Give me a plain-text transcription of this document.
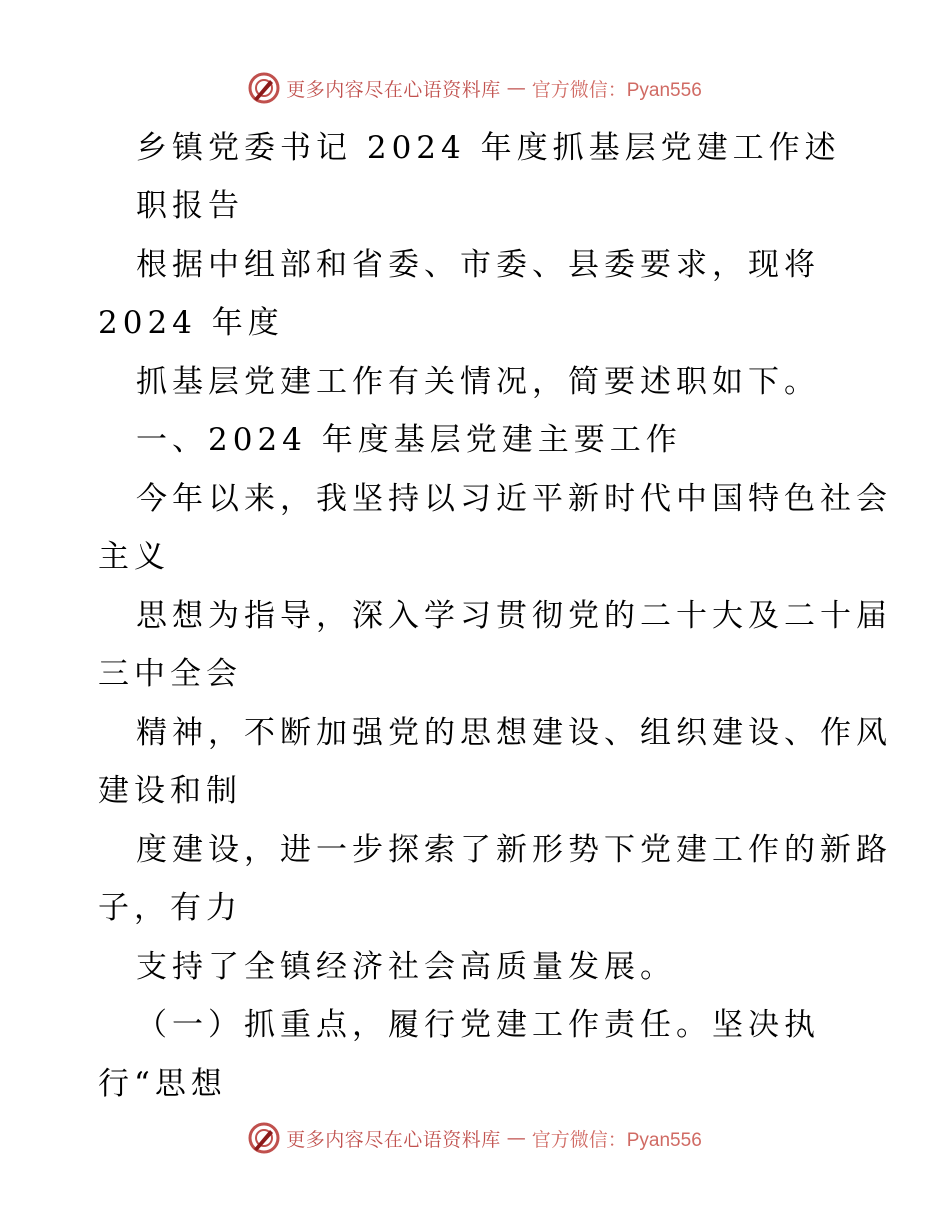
更多内容尽在心语资料库 — 官方微信：Pyan556
乡镇党委书记 2024 年度抓基层党建工作述
职报告
根据中组部和省委、市委、县委要求，现将
2024 年度
抓基层党建工作有关情况，简要述职如下。
一、2024 年度基层党建主要工作
今年以来，我坚持以习近平新时代中国特色社会
主义
思想为指导，深入学习贯彻党的二十大及二十届
三中全会
精神，不断加强党的思想建设、组织建设、作风
建设和制
度建设，进一步探索了新形势下党建工作的新路
子，有力
支持了全镇经济社会高质量发展。
（一）抓重点，履行党建工作责任。坚决执
行“思想
更多内容尽在心语资料库 — 官方微信：Pyan556
